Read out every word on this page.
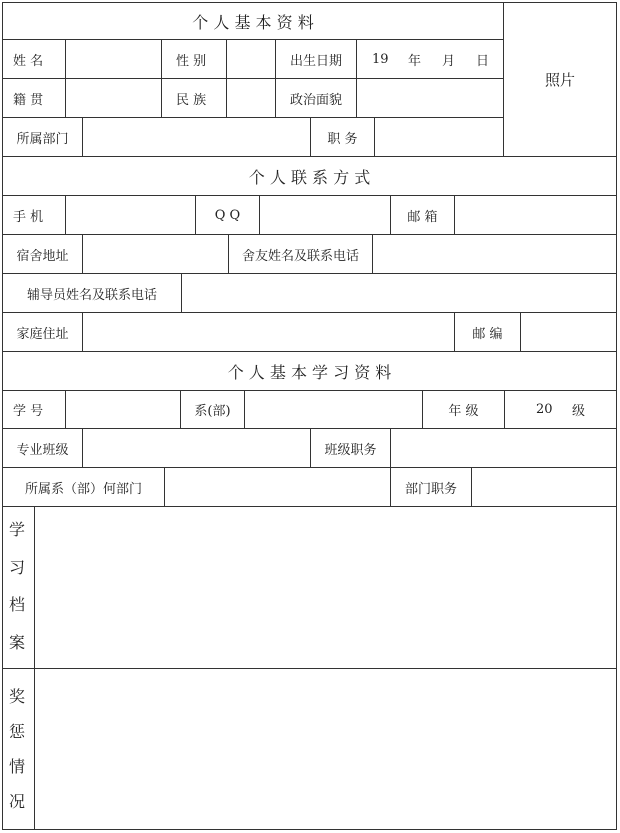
个 人 基 本 资 料
照片
姓 名	性 别	出生日期	19 年 月 日
籍 贯	民 族	政治面貌
所属部门	职 务
个 人 联 系 方 式
手 机	Q Q	邮 箱
宿舍地址	舍友姓名及联系电话
辅导员姓名及联系电话
家庭住址	邮 编
个 人 基 本 学 习 资 料
学 号	系(部)	年 级	20 级
专业班级	班级职务
所属系（部）何部门	部门职务
学
习
档
案
奖
惩
情
况
